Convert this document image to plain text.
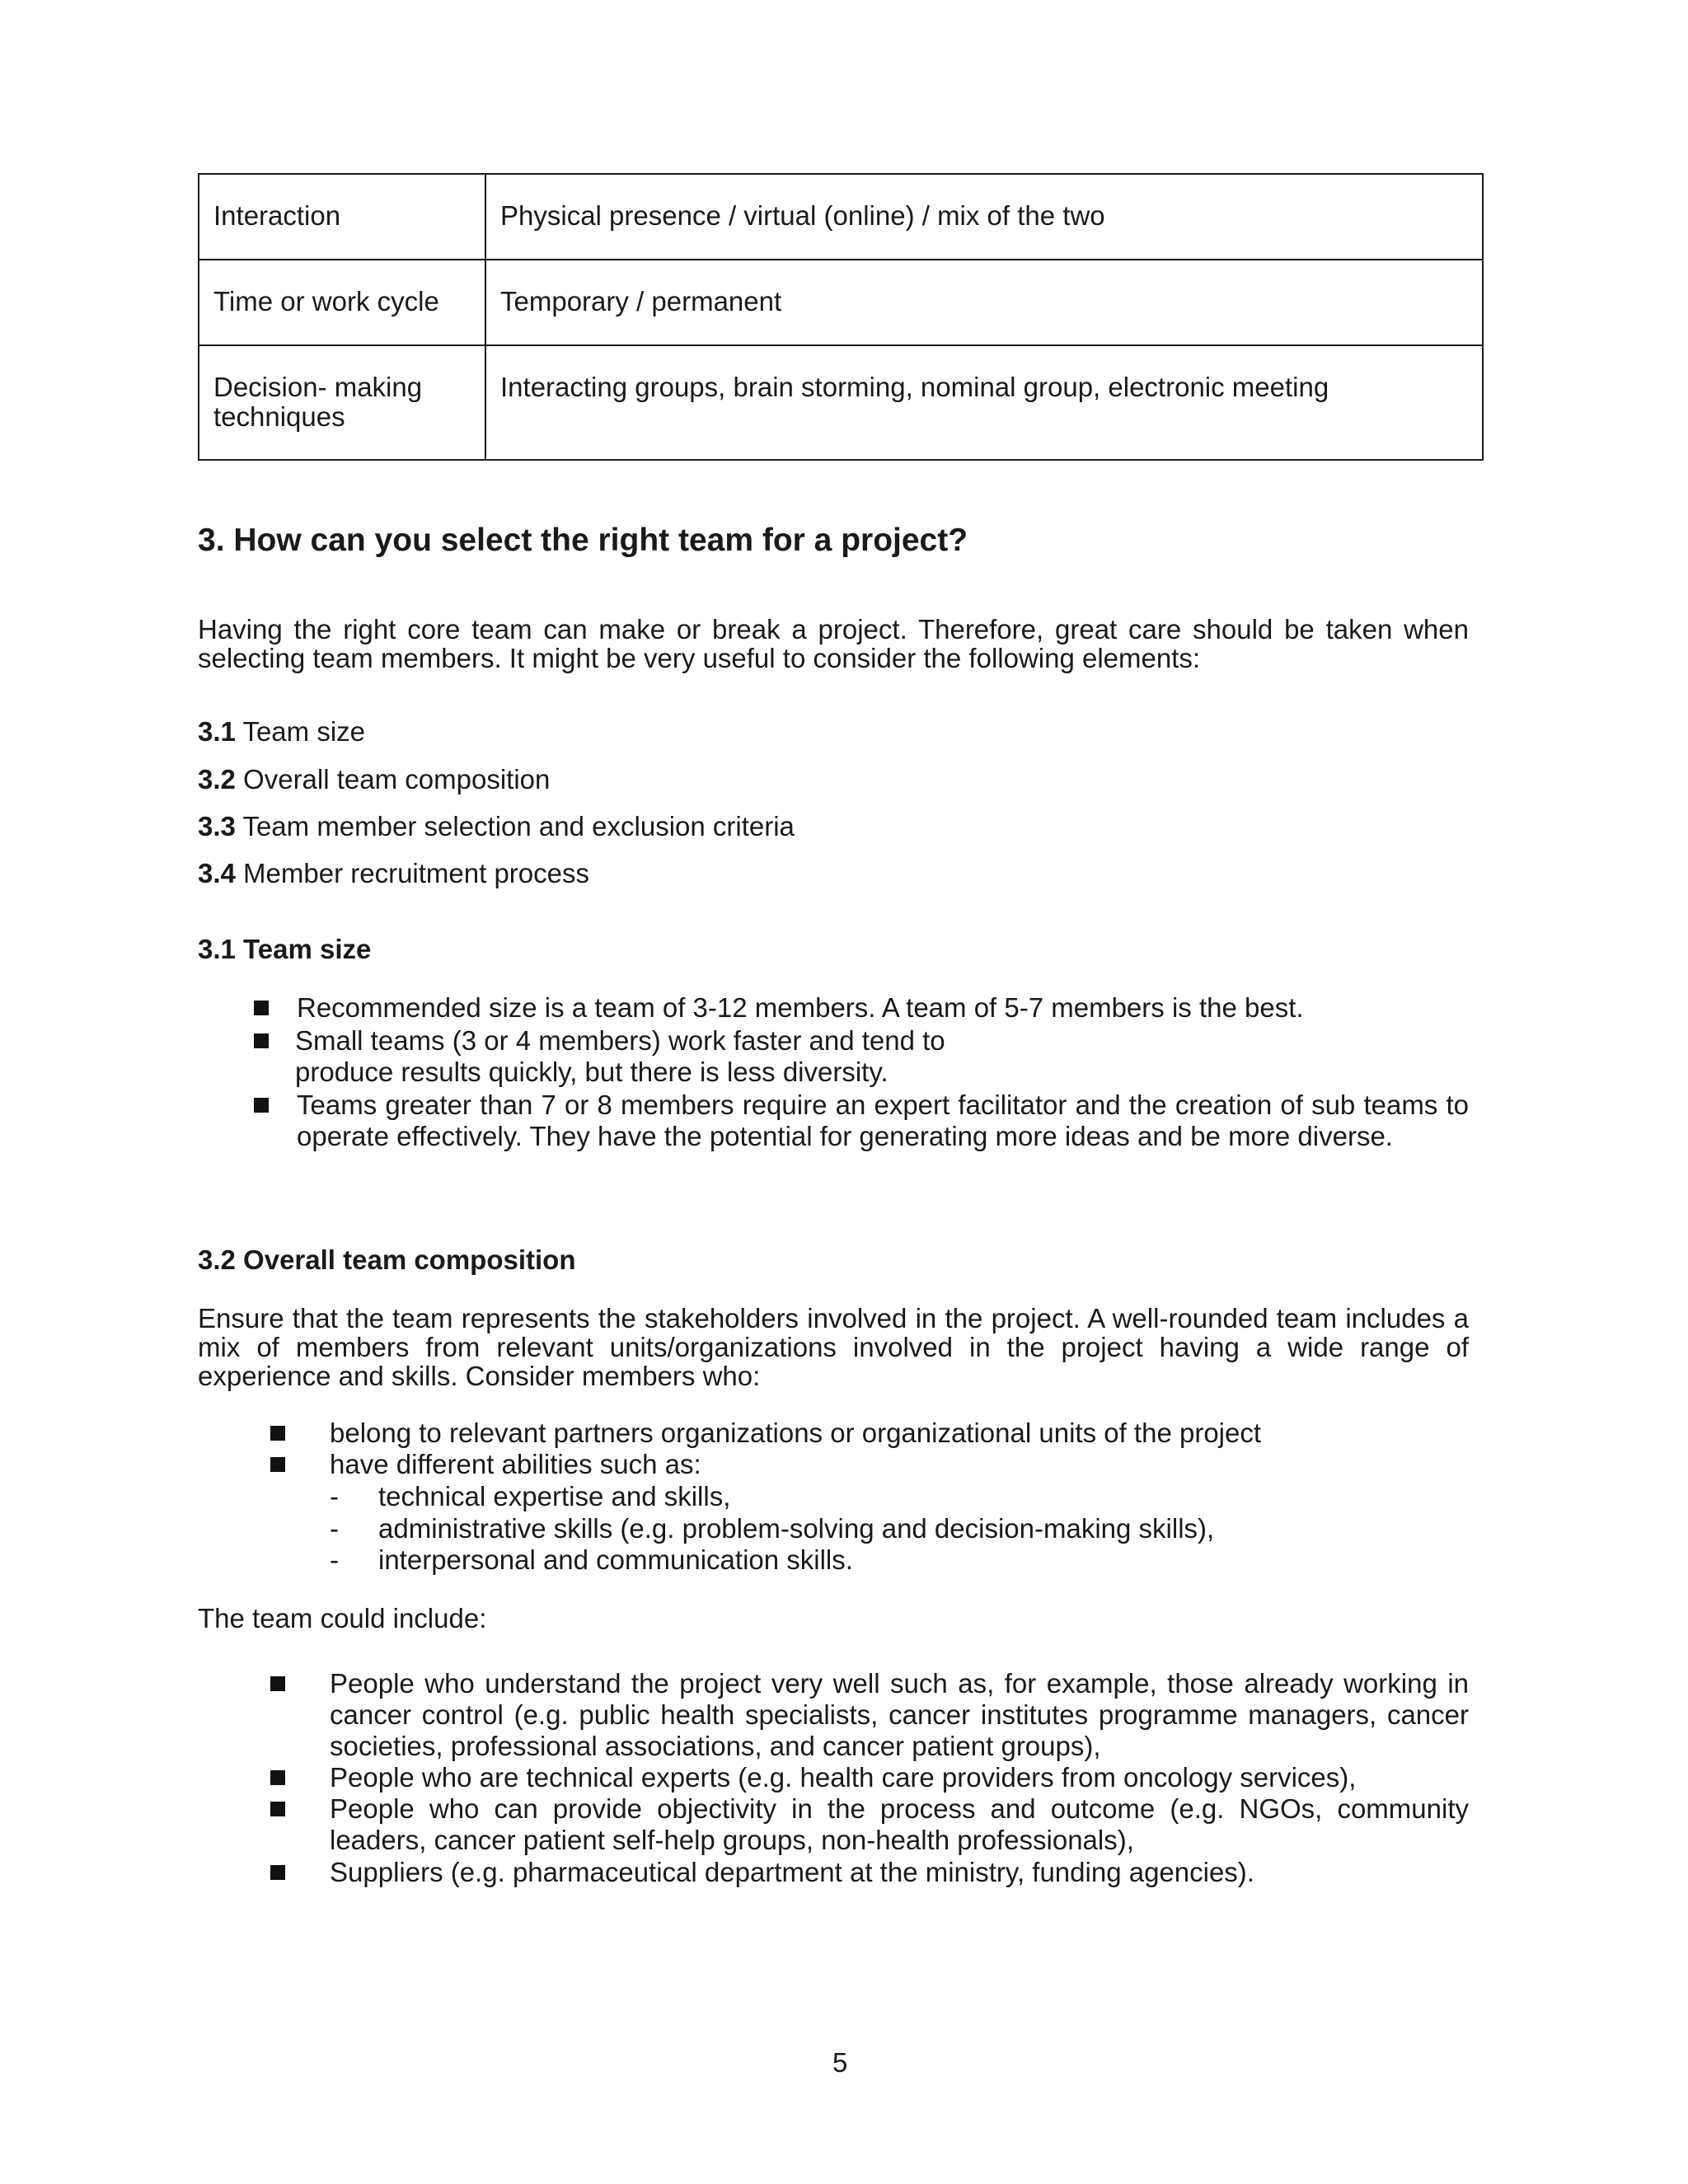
Interaction	Physical presence / virtual (online) / mix of the two
Time or work cycle	Temporary / permanent
Decision- making techniques	Interacting groups, brain storming, nominal group, electronic meeting
3. How can you select the right team for a project?

Having the right core team can make or break a project. Therefore, great care should be taken when selecting team members. It might be very useful to consider the following elements:

3.1 Team size

3.2 Overall team composition

3.3 Team member selection and exclusion criteria

3.4 Member recruitment process

3.1 Team size
Recommended size is a team of 3-12 members. A team of 5-7 members is the best.
Small teams (3 or 4 members) work faster and tend to produce results quickly, but there is less diversity.
Teams greater than 7 or 8 members require an expert facilitator and the creation of sub teams to operate effectively. They have the potential for generating more ideas and be more diverse.
3.2 Overall team composition

Ensure that the team represents the stakeholders involved in the project. A well-rounded team includes a mix of members from relevant units/organizations involved in the project having a wide range of experience and skills. Consider members who:

belong to relevant partners organizations or organizational units of the project
have different abilities such as:
- technical expertise and skills,
- administrative skills (e.g. problem-solving and decision-making skills),
- interpersonal and communication skills.

The team could include:

People who understand the project very well such as, for example, those already working in cancer control (e.g. public health specialists, cancer institutes programme managers, cancer societies, professional associations, and cancer patient groups),
People who are technical experts (e.g. health care providers from oncology services),
People who can provide objectivity in the process and outcome (e.g. NGOs, community leaders, cancer patient self-help groups, non-health professionals),
Suppliers (e.g. pharmaceutical department at the ministry, funding agencies).
5
